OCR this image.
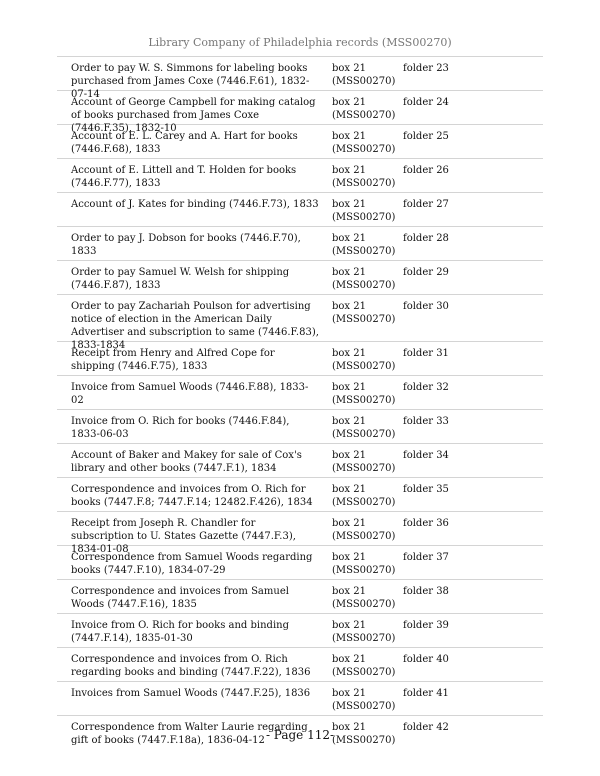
Library Company of Philadelphia records (MSS00270)
Order to pay W. S. Simmons for labeling books purchased from James Coxe (7446.F.61), 1832-07-14
box 21
(MSS00270)
folder 23
Account of George Campbell for making catalog of books purchased from James Coxe (7446.F.35), 1832-10
box 21
(MSS00270)
folder 24
Account of E. L. Carey and A. Hart for books (7446.F.68), 1833
box 21
(MSS00270)
folder 25
Account of E. Littell and T. Holden for books (7446.F.77), 1833
box 21
(MSS00270)
folder 26
Account of J. Kates for binding (7446.F.73), 1833 box 21
(MSS00270)
folder 27
Order to pay J. Dobson for books (7446.F.70), 1833
box 21
(MSS00270)
folder 28
Order to pay Samuel W. Welsh for shipping (7446.F.87), 1833
box 21
(MSS00270)
folder 29
Order to pay Zachariah Poulson for advertising notice of election in the American Daily Advertiser and subscription to same (7446.F.83), 1833-1834
box 21
(MSS00270)
folder 30
Receipt from Henry and Alfred Cope for shipping (7446.F.75), 1833
box 21
(MSS00270)
folder 31
Invoice from Samuel Woods (7446.F.88), 1833-02
box 21
(MSS00270)
folder 32
Invoice from O. Rich for books (7446.F.84), 1833-06-03
box 21
(MSS00270)
folder 33
Account of Baker and Makey for sale of Cox's library and other books (7447.F.1), 1834
box 21
(MSS00270)
folder 34
Correspondence and invoices from O. Rich for books (7447.F.8; 7447.F.14; 12482.F.426), 1834
box 21
(MSS00270)
folder 35
Receipt from Joseph R. Chandler for subscription to U. States Gazette (7447.F.3), 1834-01-08
box 21
(MSS00270)
folder 36
Correspondence from Samuel Woods regarding books (7447.F.10), 1834-07-29
box 21
(MSS00270)
folder 37
Correspondence and invoices from Samuel Woods (7447.F.16), 1835
box 21
(MSS00270)
folder 38
Invoice from O. Rich for books and binding (7447.F.14), 1835-01-30
box 21
(MSS00270)
folder 39
Correspondence and invoices from O. Rich regarding books and binding (7447.F.22), 1836
box 21
(MSS00270)
folder 40
Invoices from Samuel Woods (7447.F.25), 1836	box 21
(MSS00270)
folder 41
Correspondence from Walter Laurie regarding gift of books (7447.F.18a), 1836-04-12
box 21
(MSS00270)
folder 42
- Page 112-
